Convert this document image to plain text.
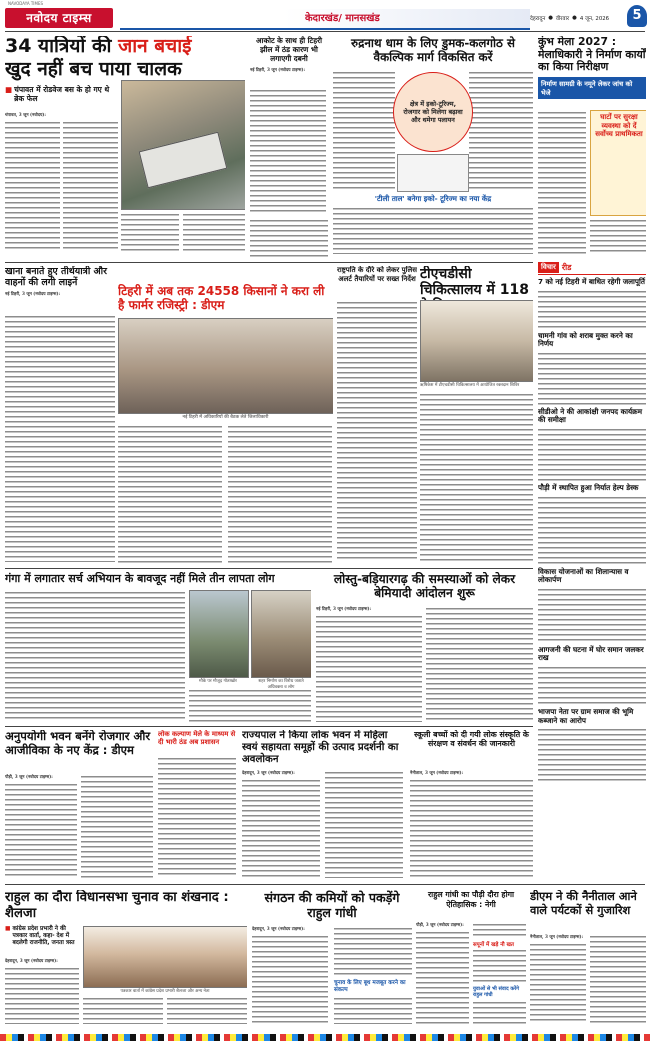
NAVODAYA TIMES
नवोदय टाइम्स	केदारखंड/ मानसखंड	देहरादून ● वीरवार ● 4 जून, 2026	5
34 यात्रियों की जान बचाई
खुद नहीं बच पाया चालक
■ चंपावत में रोडवेज बस के हो गए थे ब्रेक फेल
चंपावत, 3 जून (नवोदय):
आकोट के साथ ही टिहरी झील में ठंड कारण भी लगाएगी दबनी
नई टिहरी, 3 जून (नवोदय टाइम्स):
रुद्रनाथ धाम के लिए डुमक-कलगोठ से वैकल्पिक मार्ग विकसित करें
क्षेत्र में इको-टूरिज्म, रोजगार को मिलेगा बढ़ावा और थमेगा पलायन
'टीली ताल' बनेगा इको- टूरिज्म का नया केंद्र
कुंभ मेला 2027 : मेलाधिकारी ने निर्माण कार्यों का किया निरीक्षण
निर्माण सामग्री के नमूने लेकर जांच को भेजे
घाटों पर सुरक्षा व्यवस्था को दें सर्वोच्च प्राथमिकता
खाना बनाते हुए तीर्थयात्री और वाहनों की लगी लाइनें
नई टिहरी, 3 जून (नवोदय टाइम्स):	टिहरी में अब तक 24558 किसानों ने करा ली है फार्मर रजिस्ट्री : डीएम
नई टिहरी में अधिकारियों की बैठक लेते जिलाधिकारी
राष्ट्रपति के दौरे को लेकर पुलिस अलर्ट तैयारियों पर सख्त निर्देश टीएचडीसी चिकित्सालय में 118
ऋषिकेश में टीएचडीसी चिकित्सालय में आयोजित रक्तदान शिविर
विचार रीड
7 को नई टिहरी में बाधित रहेगी जलापूर्ति
चामनी गांव को शराब मुक्त करने का निर्णय
सीडीओ ने की आकांक्षी जनपद कार्यक्रम की समीक्षा
पौड़ी में स्थापित हुआ निर्यात हेल्प डेस्क
विकास योजनाओं का शिलान्यास व लोकार्पण
आगजनी की घटना में घोर समान जलकर राख
भाजपा नेता पर ग्राम समाज की भूमि कब्जाने का आरोप
गंगा में लगातार सर्च अभियान के बावजूद नहीं मिले तीन लापता लोग
मौके पर मौजूद गोताखोर	शहर निर्माण का विरोध जताते
लोस्तु-बड़ियारगढ़ की समस्याओं को लेकर बेमियादी आंदोलन शुरू
नई टिहरी, 3 जून (नवोदय टाइम्स):
अनुपयोगी भवन बनेंगे रोजगार और आजीविका के नए केंद्र : डीएम
पौड़ी, 3 जून (नवोदय टाइम्स):
लोक कल्याण मेले के माध्यम से दी भारी ठंड अब प्रशासन
राज्यपाल ने किया लोक भवन में महिला स्वयं सहायता समूहों की उत्पाद प्रदर्शनी का अवलोकन
देहरादून, 3 जून (नवोदय टाइम्स):
स्कूली बच्चों को दी गयी लोक संस्कृति के संरक्षण व संवर्धन की जानकारी
नैनीताल, 3 जून (नवोदय टाइम्स):
राहुल का दौरा विधानसभा चुनाव का शंखनाद : शैलजा
■ कांग्रेस प्रदेश प्रभारी ने की पत्रकार वार्ता, कहा- देश में बदलेगी राजनीति, जनता त्रस्त
देहरादून, 3 जून (नवोदय टाइम्स):
पत्रकार वार्ता में कांग्रेस प्रदेश प्रभारी शैलजा और अन्य नेता
संगठन की कमियों को पकड़ेंगे राहुल गांधी
देहरादून, 3 जून (नवोदय टाइम्स):
चुनाव के लिए बूथ मजबूत करने का संकल्प
राहुल गांधी का पौड़ी दौरा होगा ऐतिहासिक : नेगी
पौड़ी, 3 जून (नवोदय टाइम्स):
सपूनों में खड़े नौ खत
युवाओं से भी संवाद करेंगे राहुल गांधी
डीएम ने की नैनीताल आने वाले पर्यटकों से गुजारिश
नैनीताल, 3 जून (नवोदय टाइम्स):
